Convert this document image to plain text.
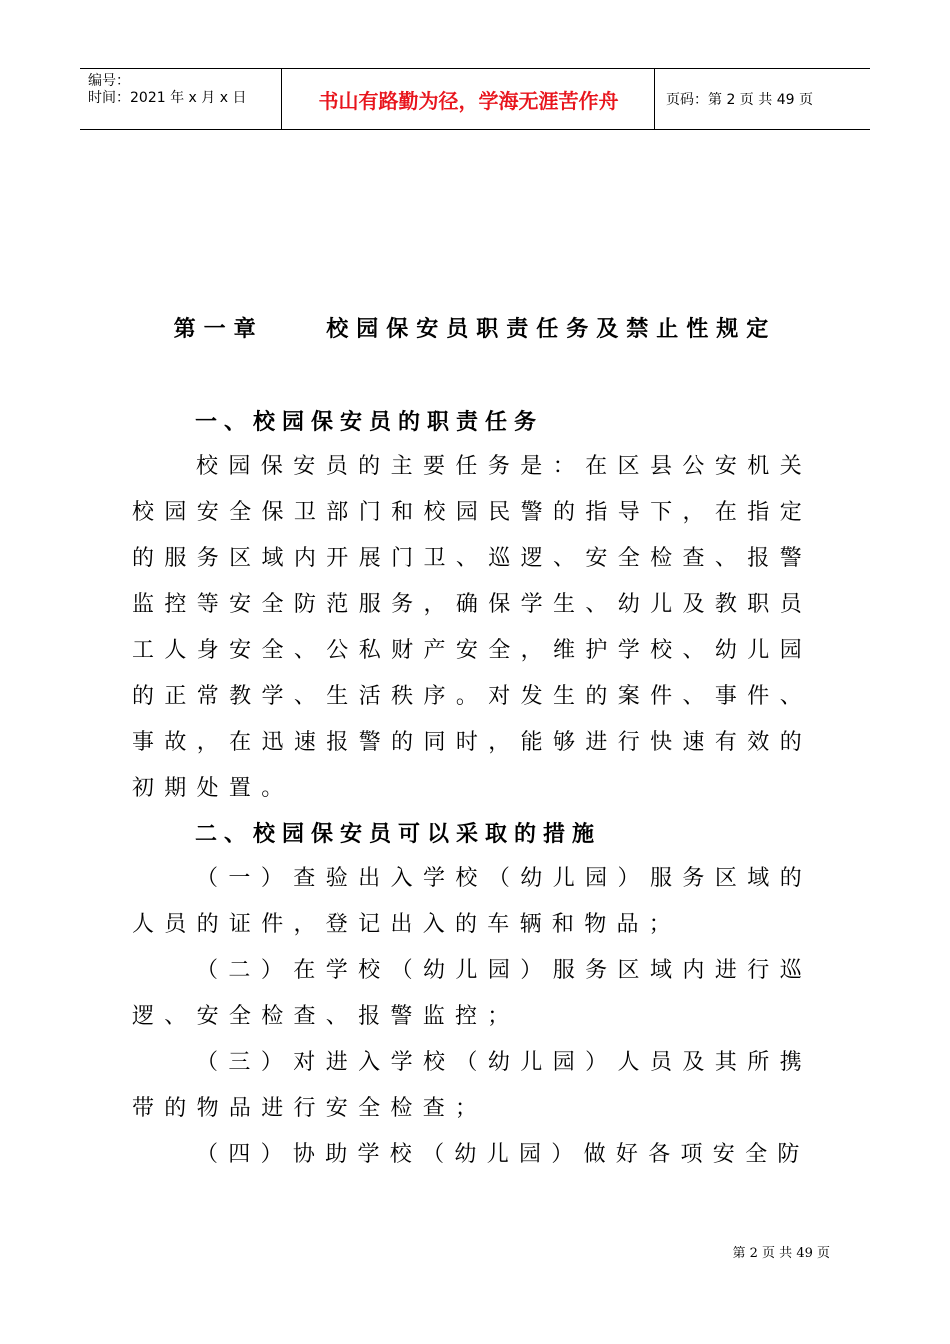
编号：
时间：2021 年 x 月 x 日	书山有路勤为径，学海无涯苦作舟	页码：第 2 页 共 49 页
第一章    校园保安员职责任务及禁止性规定
一、校园保安员的职责任务

校园保安员的主要任务是：在区县公安机关校园安全保卫部门和校园民警的指导下，在指定的服务区域内开展门卫、巡逻、安全检查、报警监控等安全防范服务，确保学生、幼儿及教职员工人身安全、公私财产安全，维护学校、幼儿园的正常教学、生活秩序。对发生的案件、事件、事故，在迅速报警的同时，能够进行快速有效的初期处置。

二、校园保安员可以采取的措施

（一）查验出入学校（幼儿园）服务区域的人员的证件，登记出入的车辆和物品；

（二）在学校（幼儿园）服务区域内进行巡逻、安全检查、报警监控；

（三）对进入学校（幼儿园）人员及其所携带的物品进行安全检查；

（四）协助学校（幼儿园）做好各项安全防

第 2 页 共 49 页
